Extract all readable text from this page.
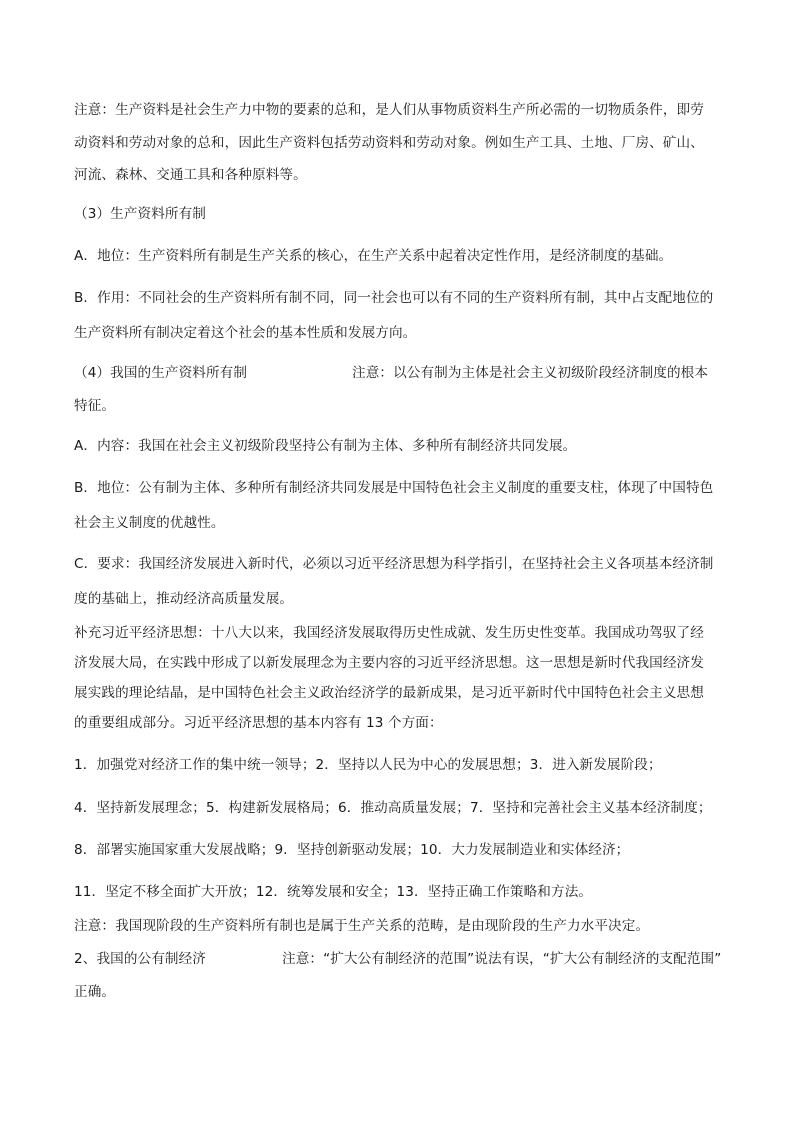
注意：生产资料是社会生产力中物的要素的总和，是人们从事物质资料生产所必需的一切物质条件，即劳
动资料和劳动对象的总和，因此生产资料包括劳动资料和劳动对象。例如生产工具、土地、厂房、矿山、
河流、森林、交通工具和各种原料等。
（3）生产资料所有制
A．地位：生产资料所有制是生产关系的核心，在生产关系中起着决定性作用，是经济制度的基础。
B．作用：不同社会的生产资料所有制不同，同一社会也可以有不同的生产资料所有制，其中占支配地位的
生产资料所有制决定着这个社会的基本性质和发展方向。
（4）我国的生产资料所有制	注意：以公有制为主体是社会主义初级阶段经济制度的根本
特征。
A．内容：我国在社会主义初级阶段坚持公有制为主体、多种所有制经济共同发展。
B．地位：公有制为主体、多种所有制经济共同发展是中国特色社会主义制度的重要支柱，体现了中国特色
社会主义制度的优越性。
C．要求：我国经济发展进入新时代，必须以习近平经济思想为科学指引，在坚持社会主义各项基本经济制
度的基础上，推动经济高质量发展。
补充习近平经济思想：十八大以来，我国经济发展取得历史性成就、发生历史性变革。我国成功驾驭了经
济发展大局，在实践中形成了以新发展理念为主要内容的习近平经济思想。这一思想是新时代我国经济发
展实践的理论结晶，是中国特色社会主义政治经济学的最新成果，是习近平新时代中国特色社会主义思想
的重要组成部分。习近平经济思想的基本内容有 13 个方面：
1．加强党对经济工作的集中统一领导；2．坚持以人民为中心的发展思想；3．进入新发展阶段；
4．坚持新发展理念；5．构建新发展格局；6．推动高质量发展；7．坚持和完善社会主义基本经济制度；
8．部署实施国家重大发展战略；9．坚持创新驱动发展；10．大力发展制造业和实体经济；
11．坚定不移全面扩大开放；12．统筹发展和安全；13．坚持正确工作策略和方法。
注意：我国现阶段的生产资料所有制也是属于生产关系的范畴，是由现阶段的生产力水平决定。
2、我国的公有制经济	注意：“扩大公有制经济的范围”说法有误，“扩大公有制经济的支配范围”
正确。
